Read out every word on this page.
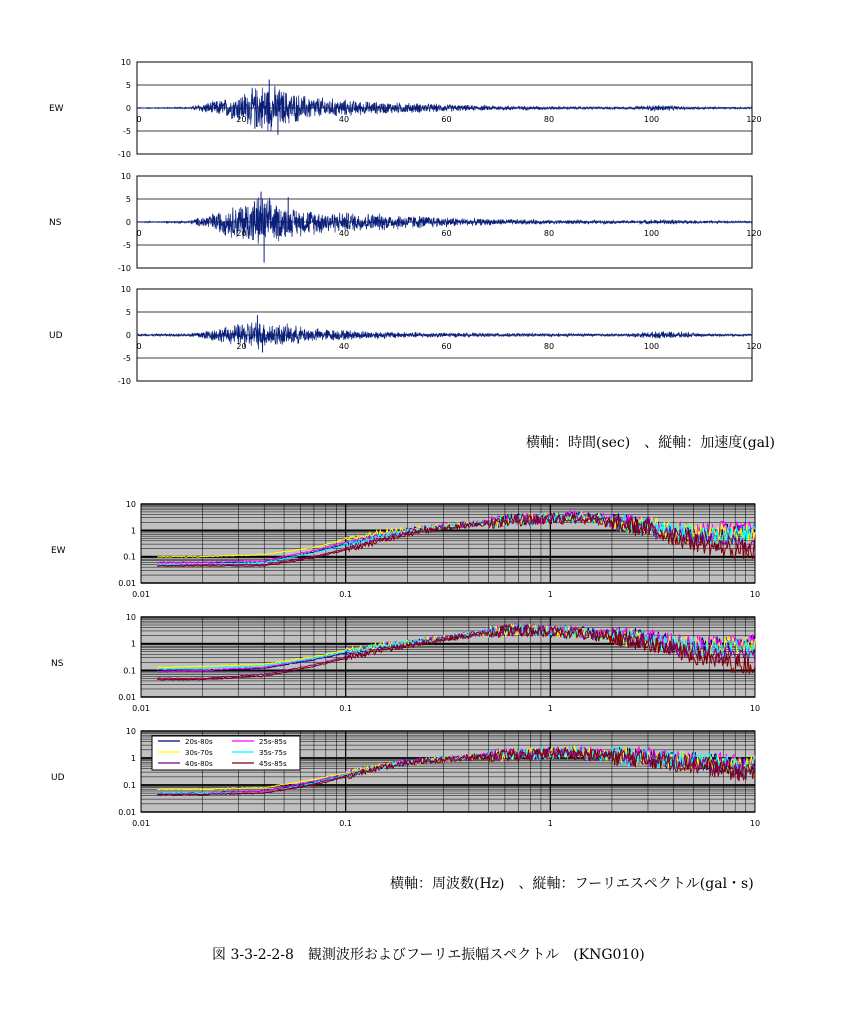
10
5
0
-5
-10
0	20	40	60	80	100	120
EW
10
5
0
-5
-10
0	20	40	60	80	100	120
NS
10
5
0
-5
-10
0	20	40	60	80	100	120
UD
10
1
0.1
0.01
0.01	0.1	1	10
EW
10
1
0.1
0.01
0.01	0.1	1	10
NS
10
1
0.1
0.01
0.01	0.1	1	10
UD
20s-80s	25s-85s
30s-70s	35s-75s
40s-80s	45s-85s
横軸：時間(sec)　、縦軸：加速度(gal)
横軸：周波数(Hz)　、縦軸：フーリエスペクトル(gal・s)
図 3-3-2-2-8　観測波形およびフーリエ振幅スペクトル　(KNG010)
